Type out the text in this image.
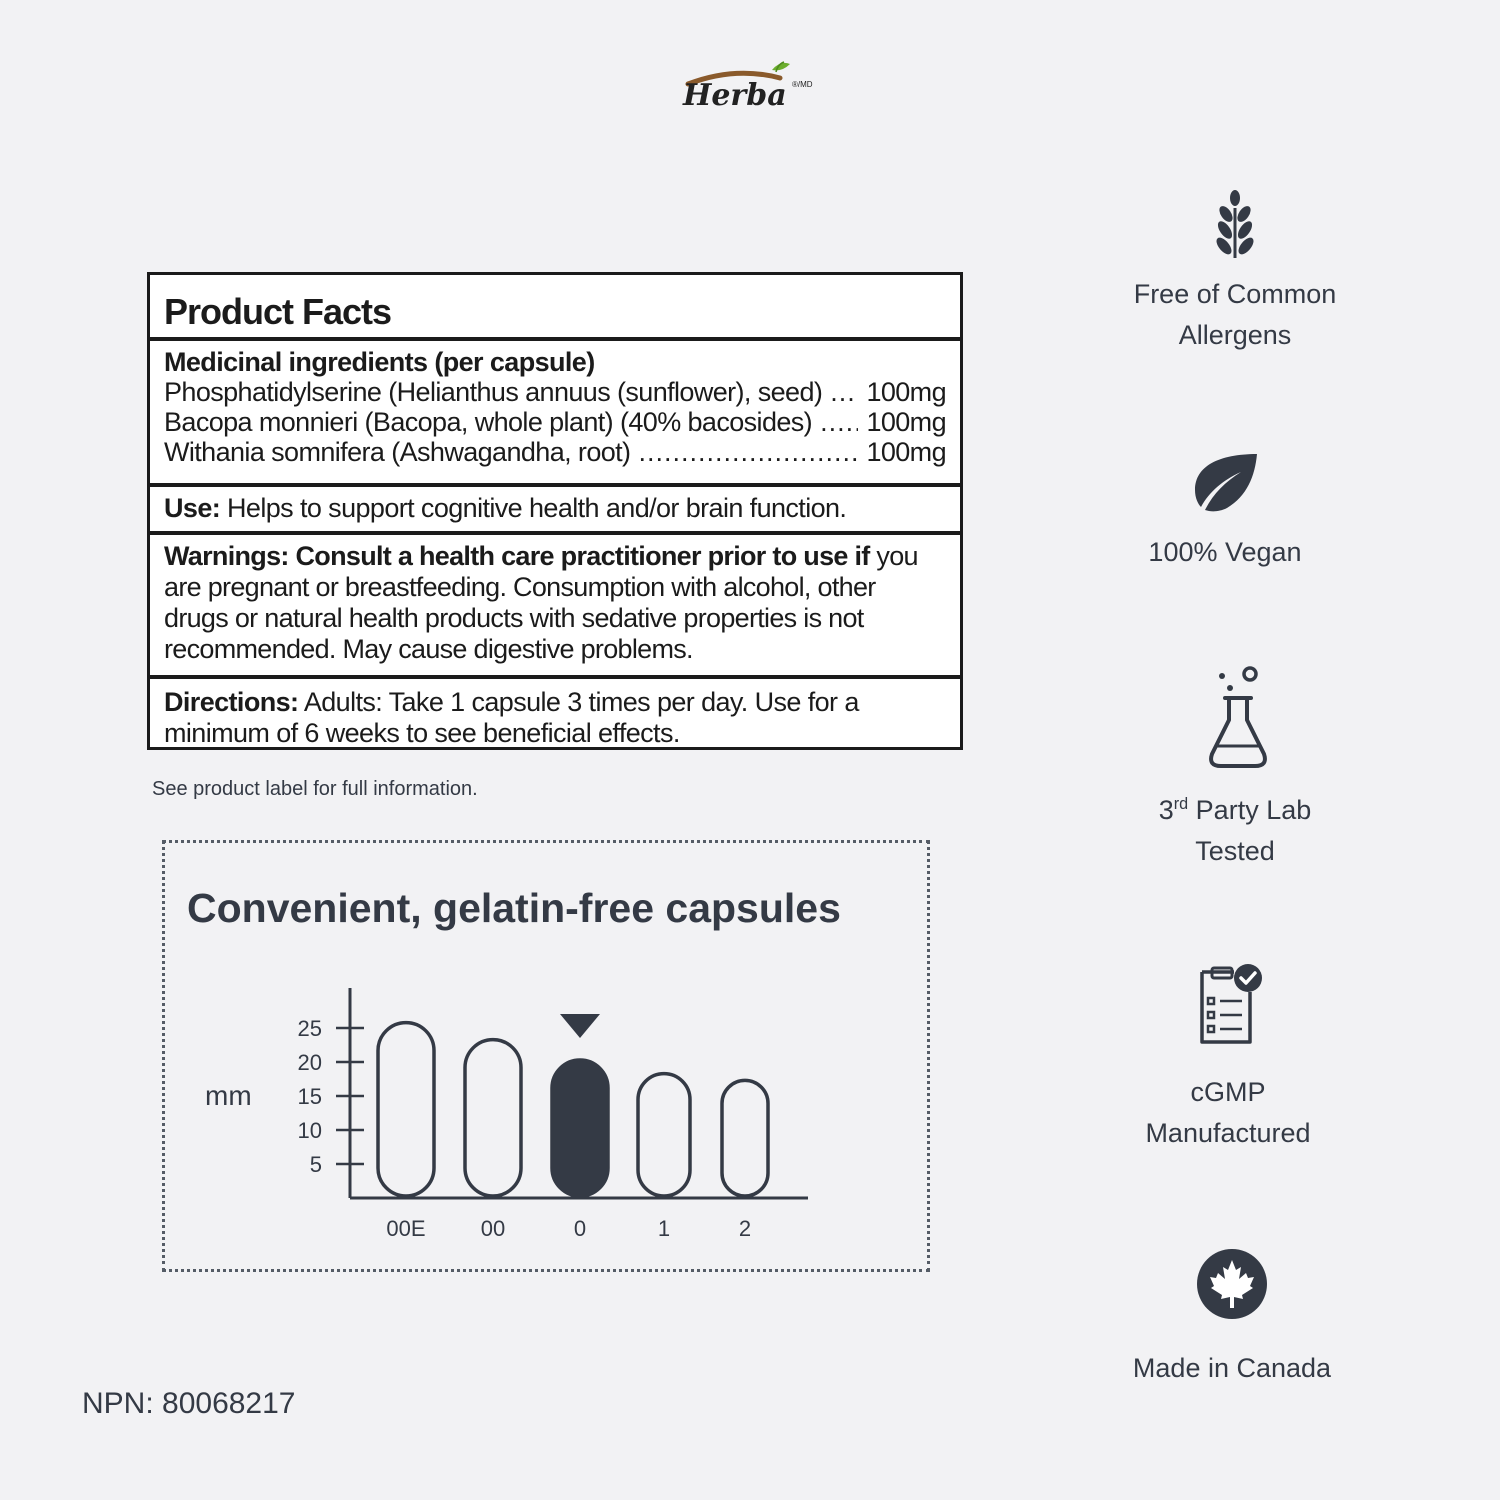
Herba ®/MD
Product Facts
Medicinal ingredients (per capsule)
Phosphatidylserine (Helianthus annuus (sunflower), seed) ..... 100mg
Bacopa monnieri (Bacopa, whole plant) (40% bacosides) ..... 100mg
Withania somnifera (Ashwagandha, root) .....	100mg
Use: Helps to support cognitive health and/or brain function.
Warnings: Consult a health care practitioner prior to use if you are pregnant or breastfeeding. Consumption with alcohol, other drugs or natural health products with sedative properties is not recommended. May cause digestive problems.
Directions: Adults: Take 1 capsule 3 times per day. Use for a minimum of 6 weeks to see beneficial effects.
See product label for full information.
Convenient, gelatin-free capsules
5
10
15
20
25
mm
00E	00	0	1	2
NPN: 80068217
Free of Common
Allergens
100% Vegan
3rd Party Lab
Tested
cGMP
Manufactured
Made in Canada
